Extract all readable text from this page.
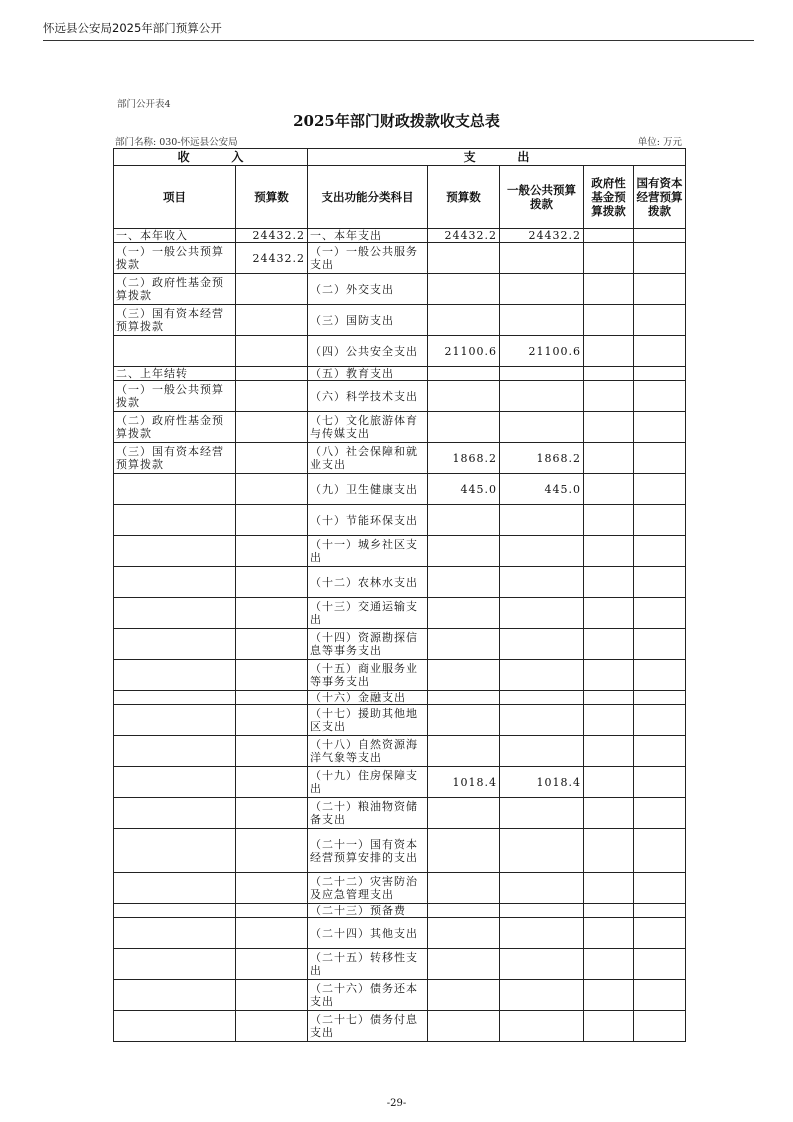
怀远县公安局2025年部门预算公开
部门公开表4
2025年部门财政拨款收支总表
部门名称: 030-怀远县公安局	单位: 万元
收          入		支          出				
项目	预算数	支出功能分类科目	预算数	一般公共预算拨款	政府性基金预算拨款	国有资本经营预算拨款
一、本年收入	24432.2	一、本年支出	24432.2	24432.2		
（一）一般公共预算拨款	24432.2	（一）一般公共服务支出				
（二）政府性基金预算拨款		（二）外交支出				
（三）国有资本经营预算拨款		（三）国防支出				
		（四）公共安全支出	21100.6	21100.6		
二、上年结转		（五）教育支出				
（一）一般公共预算拨款		（六）科学技术支出				
（二）政府性基金预算拨款		（七）文化旅游体育与传媒支出				
（三）国有资本经营预算拨款		（八）社会保障和就业支出	1868.2	1868.2		
		（九）卫生健康支出	445.0	445.0		
		（十）节能环保支出				
		（十一）城乡社区支出				
		（十二）农林水支出				
		（十三）交通运输支出				
		（十四）资源勘探信息等事务支出				
		（十五）商业服务业等事务支出				
		（十六）金融支出				
		（十七）援助其他地区支出				
		（十八）自然资源海洋气象等支出				
		（十九）住房保障支出	1018.4	1018.4		
		（二十）粮油物资储备支出				
		（二十一）国有资本经营预算安排的支出				
		（二十二）灾害防治及应急管理支出				
		（二十三）预备费				
		（二十四）其他支出				
		（二十五）转移性支出				
		（二十六）债务还本支出				
		（二十七）债务付息支出				
-29-
